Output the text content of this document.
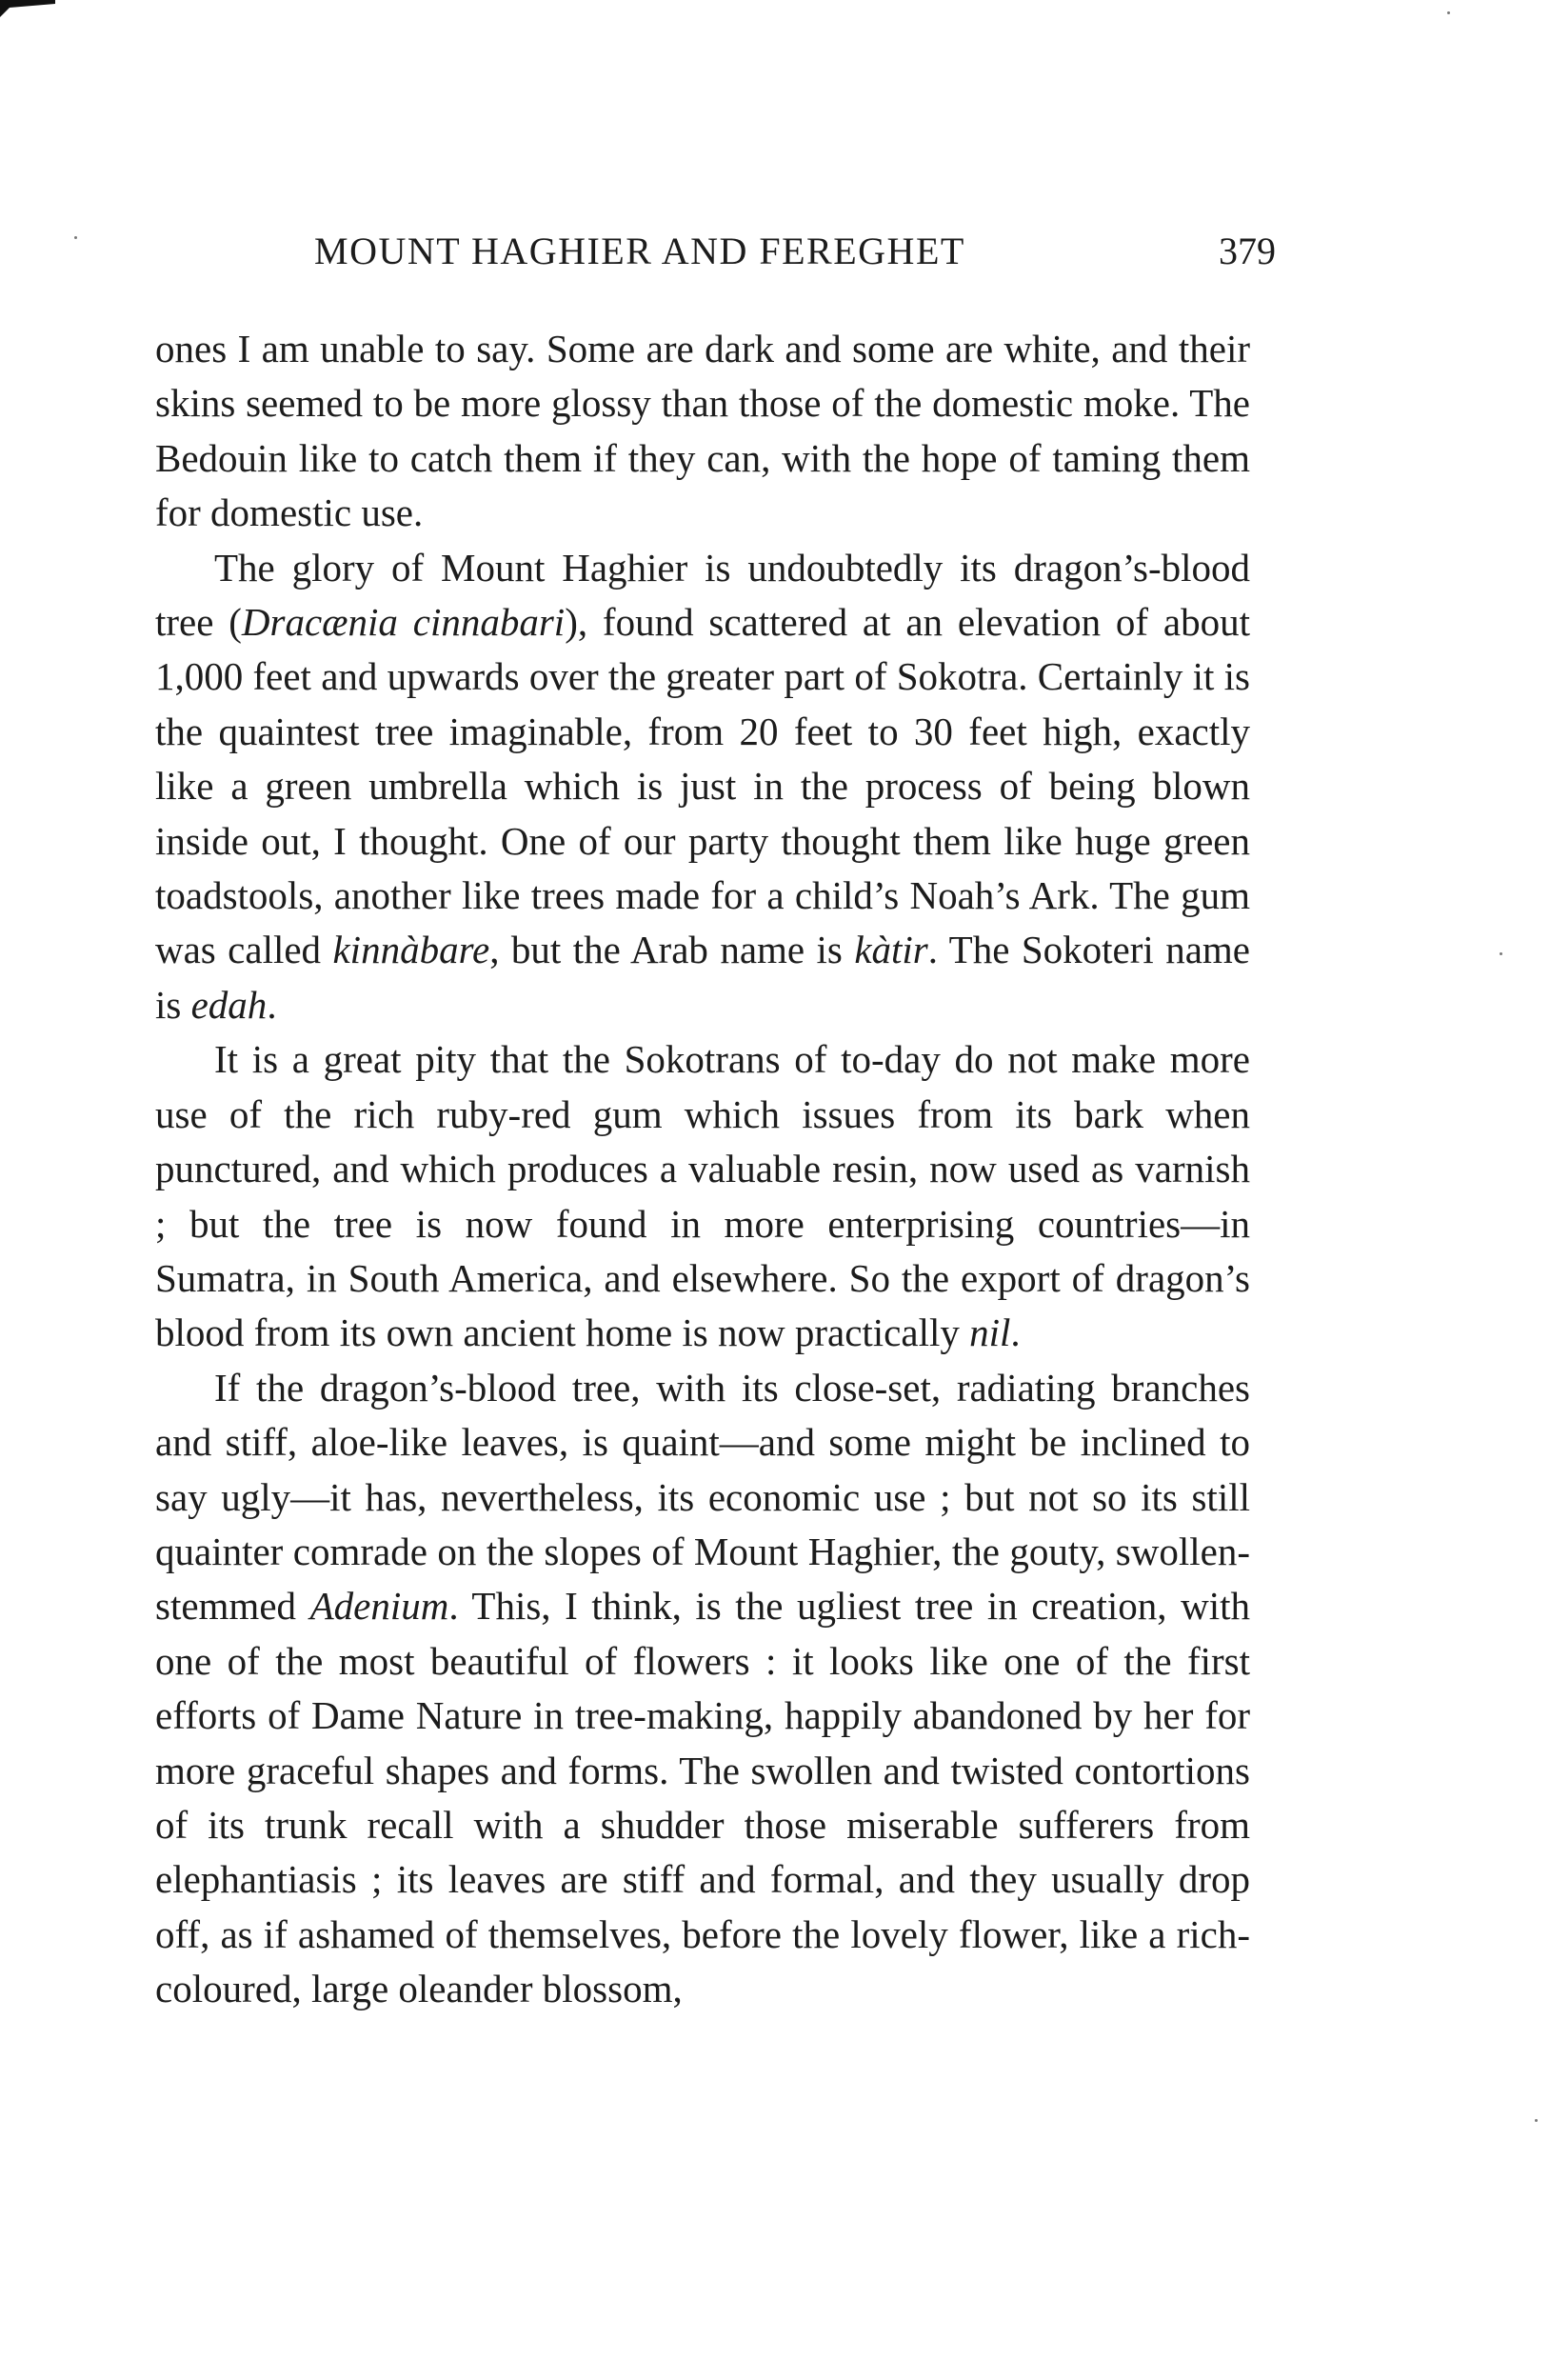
MOUNT HAGHIER AND FEREGHET	379

ones I am unable to say. Some are dark and some are white, and their skins seemed to be more glossy than those of the domestic moke. The Bedouin like to catch them if they can, with the hope of taming them for domestic use.

The glory of Mount Haghier is undoubtedly its dragon’s-blood tree (Dracænia cinnabari), found scattered at an elevation of about 1,000 feet and upwards over the greater part of Sokotra. Certainly it is the quaintest tree imaginable, from 20 feet to 30 feet high, exactly like a green umbrella which is just in the process of being blown inside out, I thought. One of our party thought them like huge green toadstools, another like trees made for a child’s Noah’s Ark. The gum was called kinnàbare, but the Arab name is kàtir. The Sokoteri name is edah.

It is a great pity that the Sokotrans of to-day do not make more use of the rich ruby-red gum which issues from its bark when punctured, and which produces a valuable resin, now used as varnish ; but the tree is now found in more enterprising countries—in Sumatra, in South America, and elsewhere. So the export of dragon’s blood from its own ancient home is now practically nil.

If the dragon’s-blood tree, with its close-set, radiating branches and stiff, aloe-like leaves, is quaint—and some might be inclined to say ugly—it has, nevertheless, its economic use ; but not so its still quainter comrade on the slopes of Mount Haghier, the gouty, swollen-stemmed Adenium. This, I think, is the ugliest tree in creation, with one of the most beautiful of flowers : it looks like one of the first efforts of Dame Nature in tree-making, happily abandoned by her for more graceful shapes and forms. The swollen and twisted contortions of its trunk recall with a shudder those miserable sufferers from elephantiasis ; its leaves are stiff and formal, and they usually drop off, as if ashamed of themselves, before the lovely flower, like a rich-coloured, large oleander blossom,
